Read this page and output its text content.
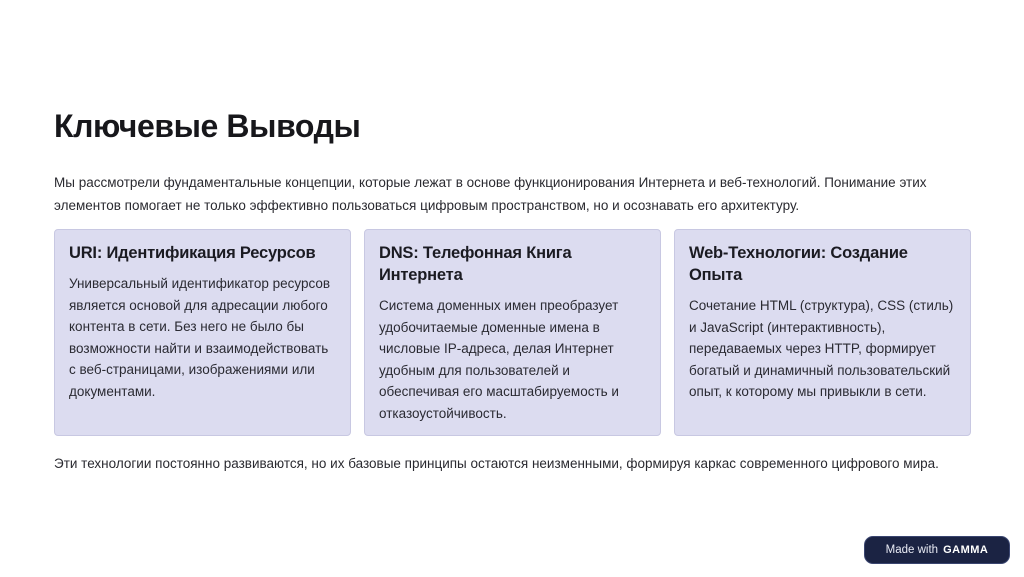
Ключевые Выводы

Мы рассмотрели фундаментальные концепции, которые лежат в основе функционирования Интернета и веб-технологий. Понимание этих элементов помогает не только эффективно пользоваться цифровым пространством, но и осознавать его архитектуру.

URI: Идентификация Ресурсов

Универсальный идентификатор ресурсов является основой для адресации любого контента в сети. Без него не было бы возможности найти и взаимодействовать с веб-страницами, изображениями или документами.

DNS: Телефонная Книга Интернета

Система доменных имен преобразует удобочитаемые доменные имена в числовые IP-адреса, делая Интернет удобным для пользователей и обеспечивая его масштабируемость и отказоустойчивость.

Web-Технологии: Создание Опыта

Сочетание HTML (структура), CSS (стиль) и JavaScript (интерактивность), передаваемых через HTTP, формирует богатый и динамичный пользовательский опыт, к которому мы привыкли в сети.

Эти технологии постоянно развиваются, но их базовые принципы остаются неизменными, формируя каркас современного цифрового мира.

Made with GAMMA
